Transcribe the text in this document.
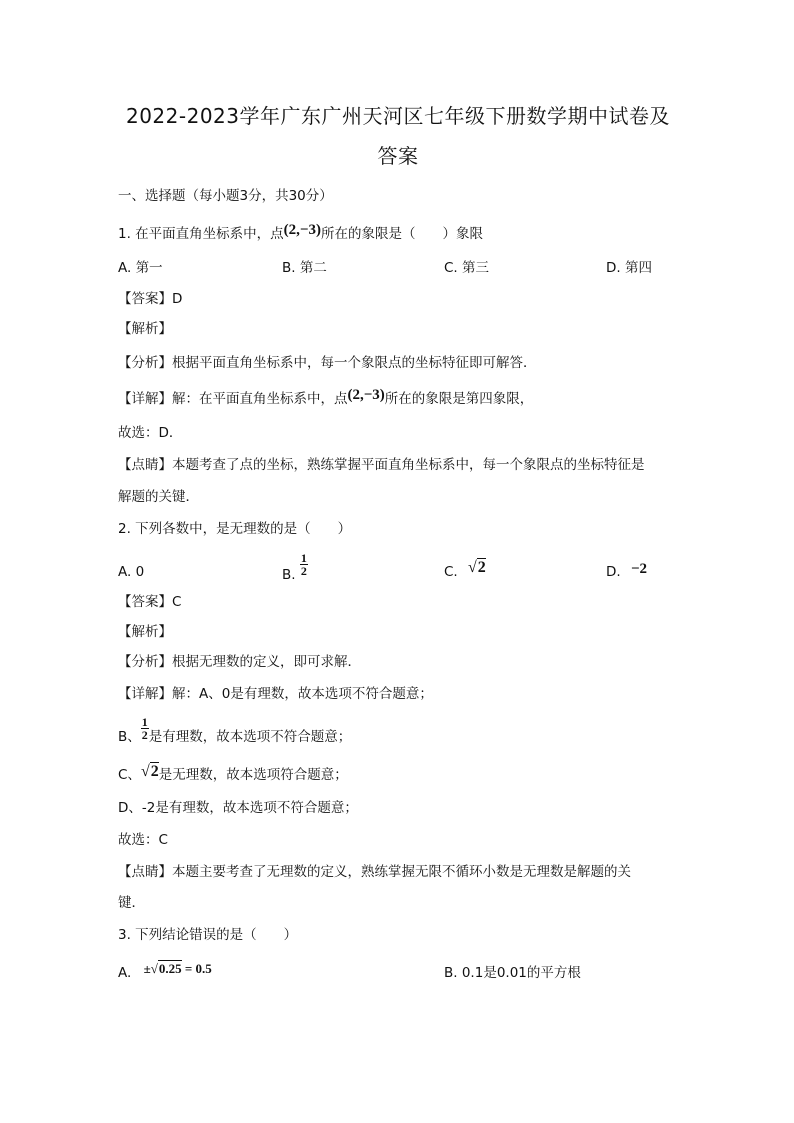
2022-2023学年广东广州天河区七年级下册数学期中试卷及
答案
一、选择题（每小题3分，共30分）
1. 在平面直角坐标系中，点(2,−3)所在的象限是（　　）象限
A. 第一	B. 第二	C. 第三	D. 第四
【答案】D
【解析】
【分析】根据平面直角坐标系中，每一个象限点的坐标特征即可解答．
【详解】解：在平面直角坐标系中，点(2,−3)所在的象限是第四象限，
故选：D．
【点睛】本题考查了点的坐标，熟练掌握平面直角坐标系中，每一个象限点的坐标特征是
解题的关键．
2. 下列各数中，是无理数的是（　　）
A. 0	B. $\frac{1}{2}$	C. √2	D. −2
【答案】C
【解析】
【分析】根据无理数的定义，即可求解．
【详解】解：A、0是有理数，故本选项不符合题意；
B、 $\frac{1}{2}$ 是有理数，故本选项不符合题意；
C、√2是无理数，故本选项符合题意；
D、-2是有理数，故本选项不符合题意；
故选：C
【点睛】本题主要考查了无理数的定义，熟练掌握无限不循环小数是无理数是解题的关
键．
3. 下列结论错误的是（　　）
A. ±√0.25 = 0.5	B. 0.1是0.01的平方根
